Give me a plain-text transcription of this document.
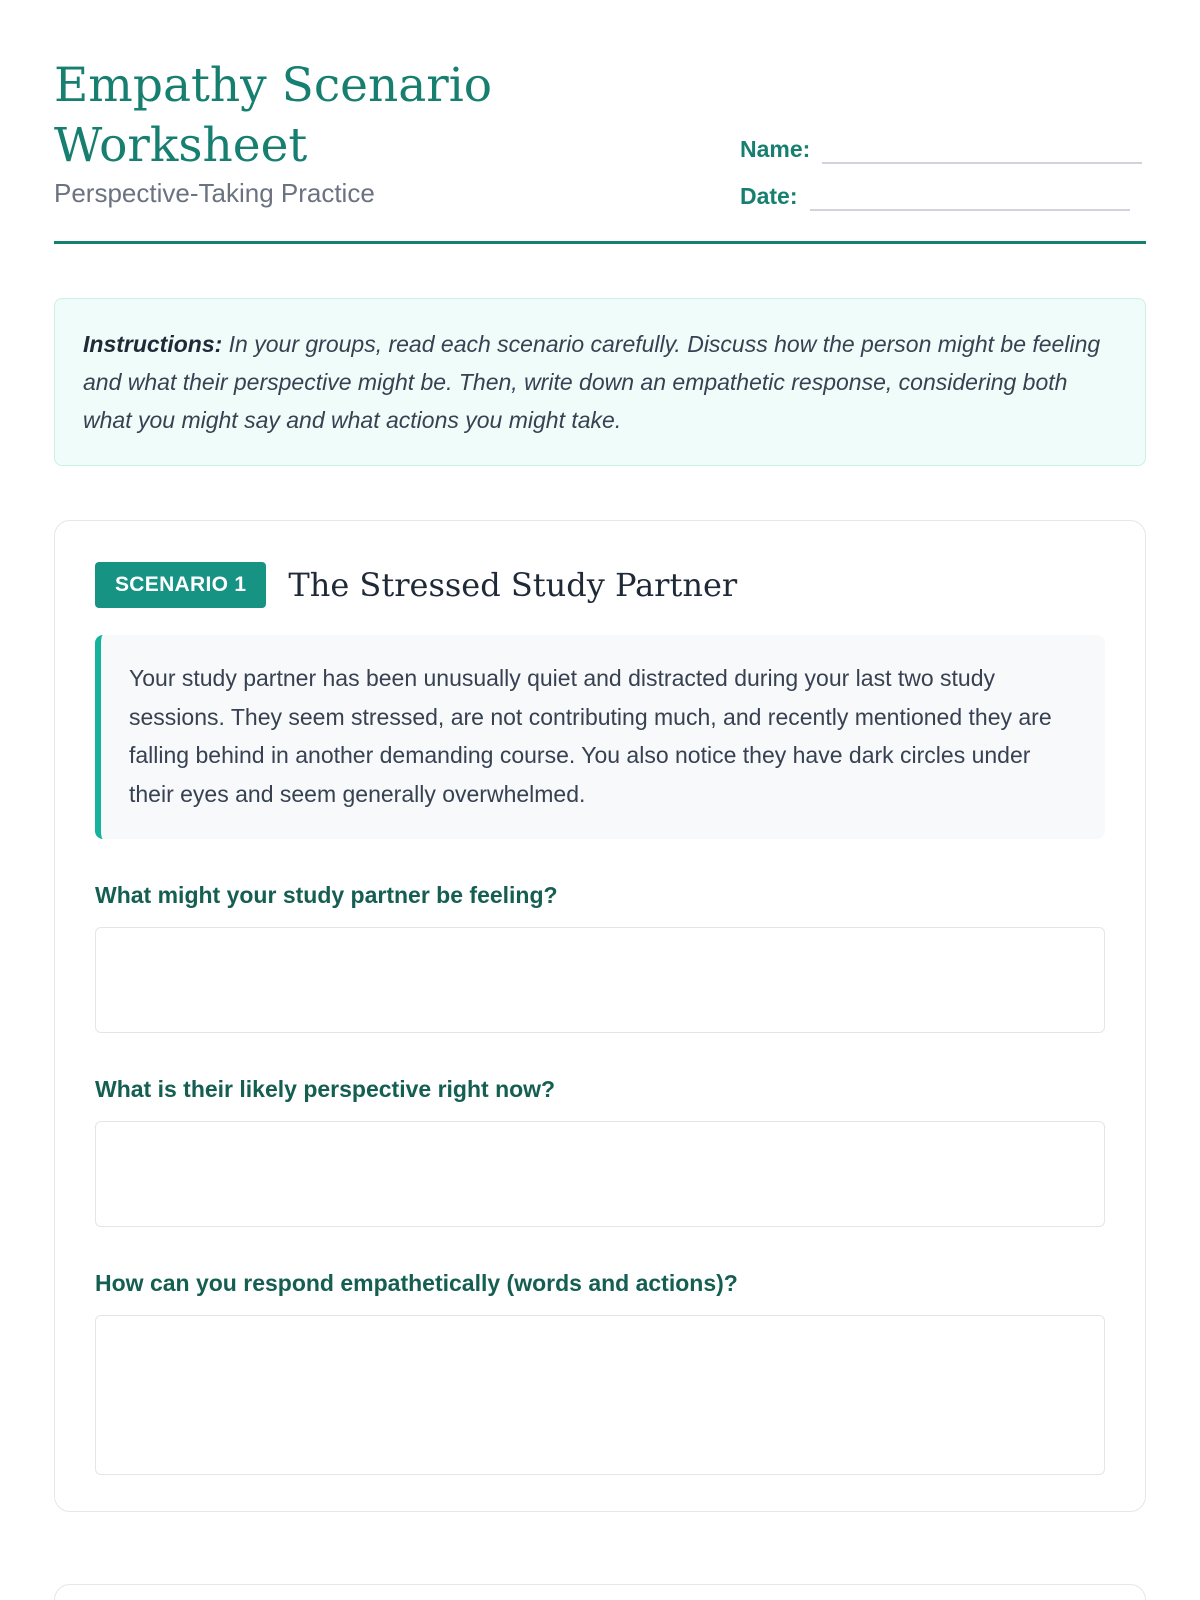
Empathy Scenario Worksheet
Perspective-Taking Practice
Name:
Date:
Instructions: In your groups, read each scenario carefully. Discuss how the person might be feeling and what their perspective might be. Then, write down an empathetic response, considering both what you might say and what actions you might take.
SCENARIO 1	The Stressed Study Partner
Your study partner has been unusually quiet and distracted during your last two study sessions. They seem stressed, are not contributing much, and recently mentioned they are falling behind in another demanding course. You also notice they have dark circles under their eyes and seem generally overwhelmed.
What might your study partner be feeling?
What is their likely perspective right now?
How can you respond empathetically (words and actions)?
